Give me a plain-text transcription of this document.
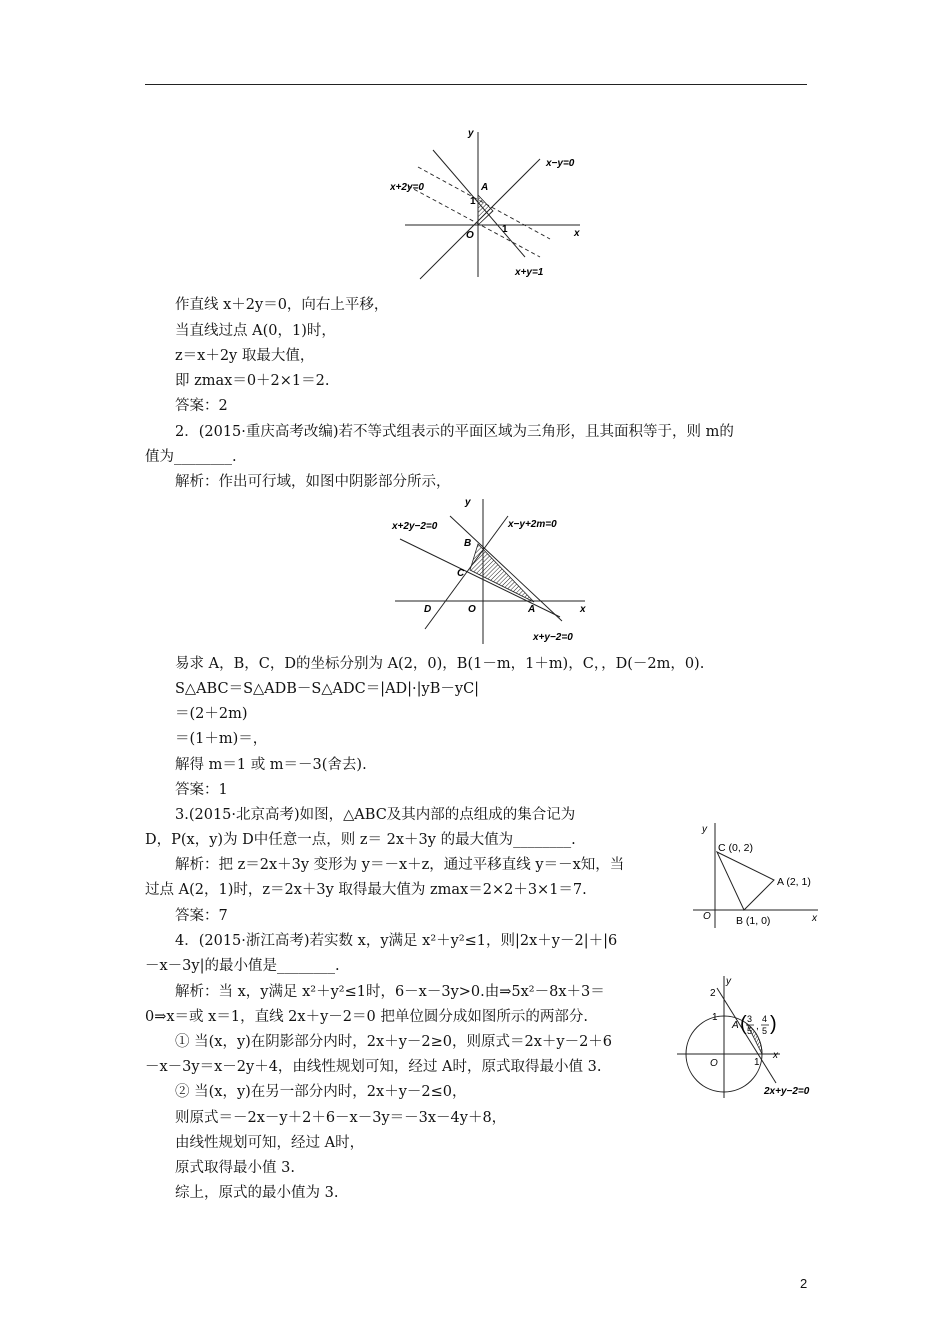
y
x
x−y=0
x+2y=0
x+y=1
A
O
1
1
作直线 x＋2y＝0，向右上平移，
当直线过点 A(0，1)时，
z＝x＋2y 取最大值，
即 zmax＝0＋2×1＝2.
答案：2
2．(2015·重庆高考改编)若不等式组表示的平面区域为三角形，且其面积等于，则 m的
值为________.
解析：作出可行域，如图中阴影部分所示，
y
x
x+2y−2=0	x−y+2m=0
x+y−2=0
B
C
D	O	A
易求 A，B，C，D的坐标分别为 A(2，0)，B(1－m，1＋m)，C，，D(－2m，0).
S△ABC＝S△ADB－S△ADC＝|AD|·|yB－yC|
＝(2＋2m)
＝(1＋m)＝，
解得 m＝1 或 m＝－3(舍去).
答案：1
3.(2015·北京高考)如图，△ABC及其内部的点组成的集合记为
D，P(x，y)为 D中任意一点，则 z＝ 2x＋3y 的最大值为________.
解析：把 z＝2x＋3y 变形为 y＝－x＋z，通过平移直线 y＝－x知，当
过点 A(2，1)时，z＝2x＋3y 取得最大值为 zmax＝2×2＋3×1＝7.
答案：7
y
x
O
C (0, 2)
A (2, 1)
B (1, 0)
4．(2015·浙江高考)若实数 x，y满足 x²＋y²≤1，则|2x＋y－2|＋|6
－x－3y|的最小值是________.
解析：当 x，y满足 x²＋y²≤1时，6－x－3y>0.由⇒5x²－8x＋3＝
0⇒x＝或 x＝1，直线 2x＋y－2＝0 把单位圆分成如图所示的两部分.
① 当(x，y)在阴影部分内时，2x＋y－2≥0，则原式＝2x＋y－2＋6
－x－3y＝x－2y＋4，由线性规划可知，经过 A时，原式取得最小值 3.
② 当(x，y)在另一部分内时，2x＋y－2≤0，
则原式＝－2x－y＋2＋6－x－3y＝－3x－4y＋8，
由线性规划可知，经过 A时，
原式取得最小值 3.
综上，原式的最小值为 3.
y
x
O
2
1
1
A ( 3
5 ,
4
5 )
2x+y−2=0
2
